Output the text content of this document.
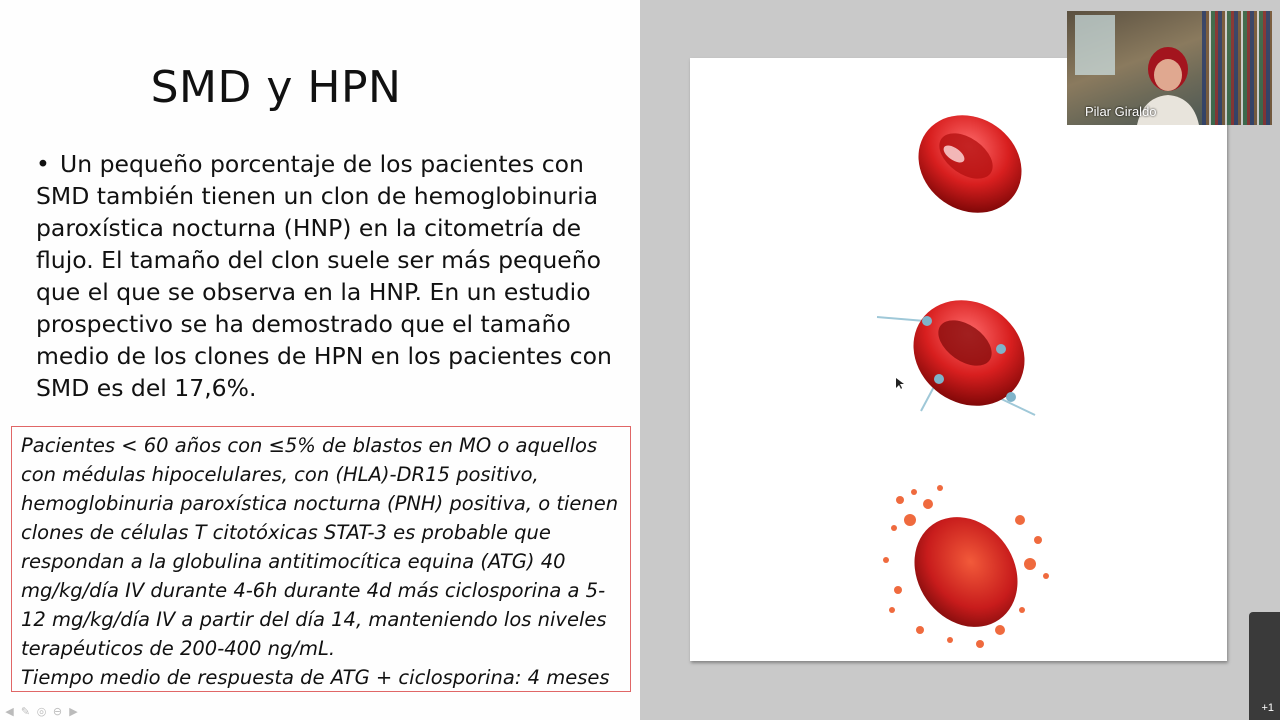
SMD y HPN
• Un pequeño porcentaje de los pacientes con SMD también tienen un clon de hemoglobinuria paroxística nocturna (HNP) en la citometría de flujo. El tamaño del clon suele ser más pequeño que el que se observa en la HNP. En un estudio prospectivo se ha demostrado que el tamaño medio de los clones de HPN en los pacientes con SMD es del 17,6%.
Pacientes < 60 años con ≤5% de blastos en MO o aquellos con médulas hipocelulares, con (HLA)-DR15 positivo, hemoglobinuria paroxística nocturna (PNH) positiva, o tienen clones de células T citotóxicas STAT-3 es probable que respondan a la globulina antitimocítica equina (ATG) 40 mg/kg/día IV durante 4-6h durante 4d más ciclosporina a 5-12 mg/kg/día IV a partir del día 14, manteniendo los niveles terapéuticos de 200-400 ng/mL.
Tiempo medio de respuesta de ATG + ciclosporina: 4 meses
◀ ✎ ◎ ⊖ ▶
Pilar Giraldo
+1
